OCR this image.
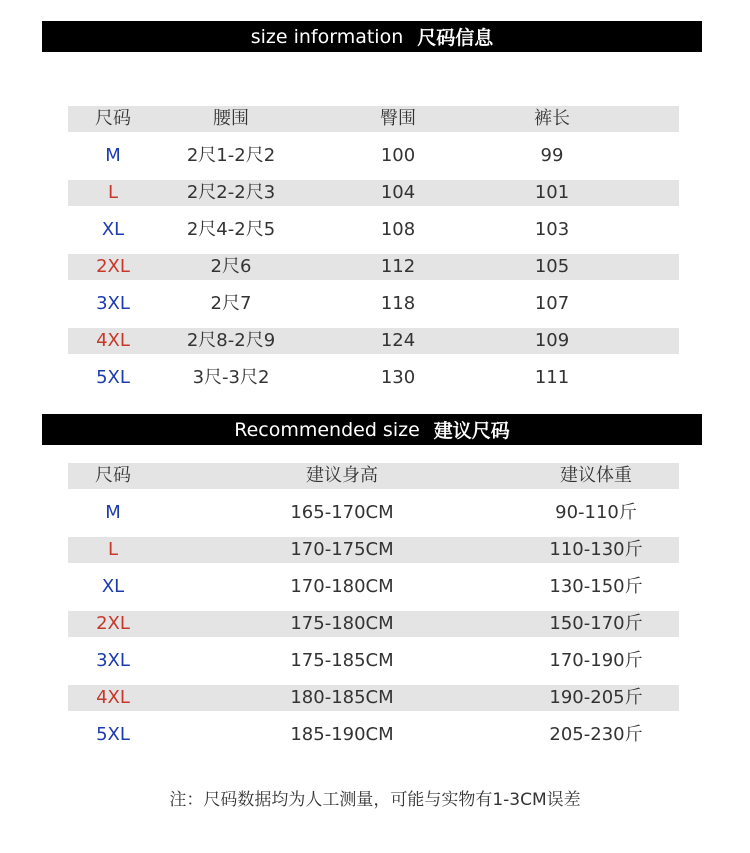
size information 尺码信息
尺码	腰围	臀围	裤长
M	2尺1-2尺2	100	99
L	2尺2-2尺3	104	101
XL	2尺4-2尺5	108	103
2XL	2尺6	112	105
3XL	2尺7	118	107
4XL	2尺8-2尺9	124	109
5XL	3尺-3尺2	130	111
Recommended size 建议尺码
尺码	建议身高	建议体重
M	165-170CM	90-110斤
L	170-175CM	110-130斤
XL	170-180CM	130-150斤
2XL	175-180CM	150-170斤
3XL	175-185CM	170-190斤
4XL	180-185CM	190-205斤
5XL	185-190CM	205-230斤
注：尺码数据均为人工测量，可能与实物有1-3CM误差
